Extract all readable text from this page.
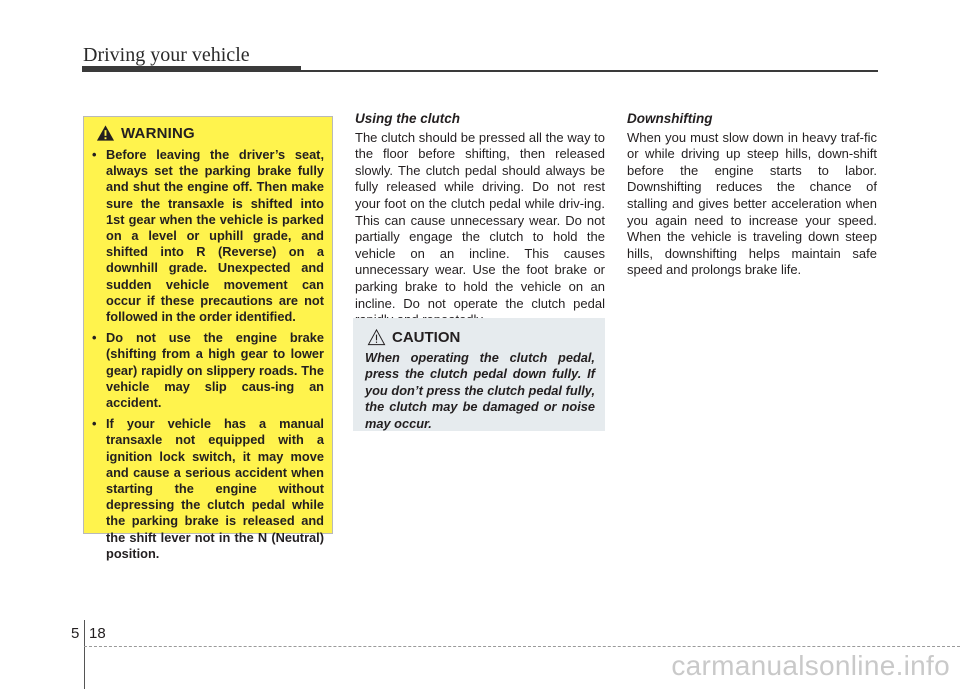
Driving your vehicle
WARNING
• Before leaving the driver’s seat, always set the parking brake fully and shut the engine off. Then make sure the transaxle is shifted into 1st gear when the vehicle is parked on a level or uphill grade, and shifted into R (Reverse) on a downhill grade. Unexpected and sudden vehicle movement can occur if these precautions are not followed in the order identified.
• Do not use the engine brake (shifting from a high gear to lower gear) rapidly on slippery roads. The vehicle may slip caus-ing an accident.
• If your vehicle has a manual transaxle not equipped with a ignition lock switch, it may move and cause a serious accident when starting the engine without depressing the clutch pedal while the parking brake is released and the shift lever not in the N (Neutral) position.
Using the clutch

The clutch should be pressed all the way to the floor before shifting, then released slowly. The clutch pedal should always be fully released while driving. Do not rest your foot on the clutch pedal while driv-ing. This can cause unnecessary wear. Do not partially engage the clutch to hold the vehicle on an incline. This causes unnecessary wear. Use the foot brake or parking brake to hold the vehicle on an incline. Do not operate the clutch pedal

CAUTION

When operating the clutch pedal, press the clutch pedal down fully. If you don’t press the clutch pedal fully, the clutch may be damaged or noise may occur.

Downshifting

When you must slow down in heavy traf-fic or while driving up steep hills, down-shift before the engine starts to labor. Downshifting reduces the chance of stalling and gives better acceleration when you again need to increase your speed. When the vehicle is traveling down steep hills, downshifting helps maintain safe speed and prolongs brake life.

5 18
carmanualsonline.info
